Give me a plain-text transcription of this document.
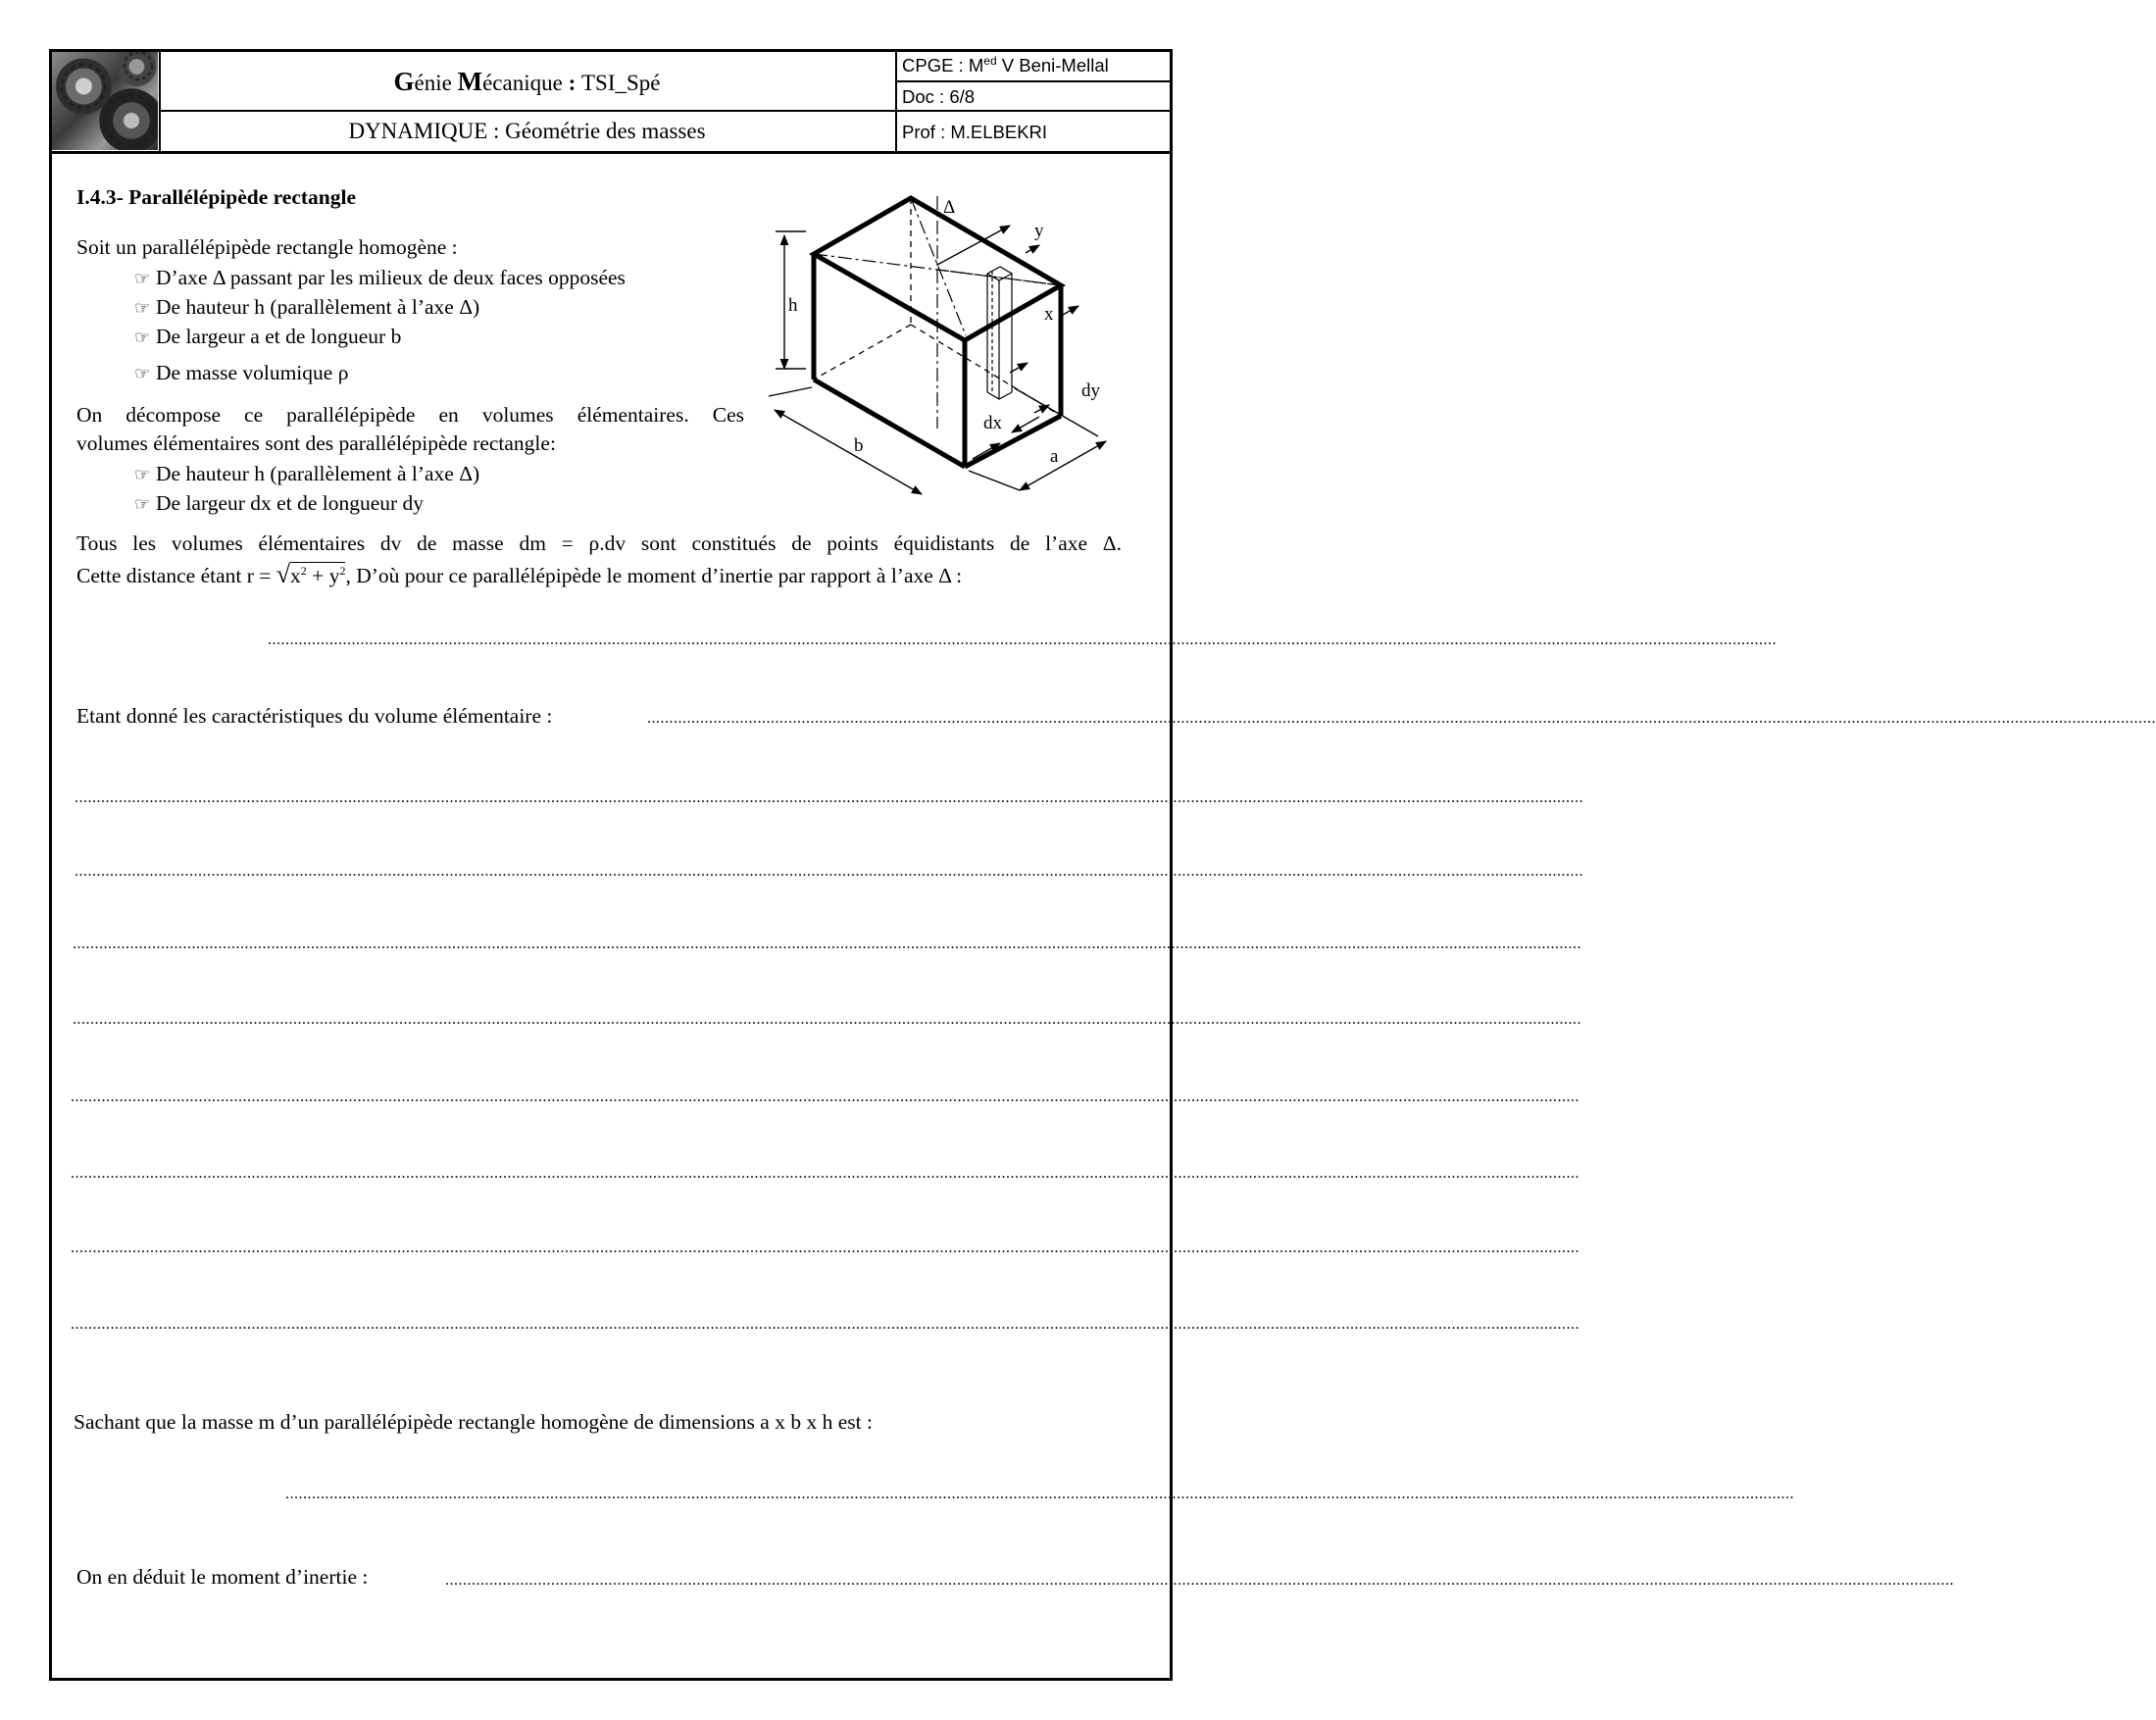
Génie Mécanique : TSI_Spé
DYNAMIQUE : Géométrie des masses
CPGE : $M^{ed}$ V Beni-Mellal
Doc : 6/8
Prof : M.ELBEKRI
I.4.3- Parallélépipède rectangle
Soit un parallélépipède rectangle homogène :
☞ D’axe Δ passant par les milieux de deux faces opposées
☞ De hauteur h (parallèlement à l’axe Δ)
☞ De largeur a et de longueur b
☞ De masse volumique ρ
On décompose ce parallélépipède en volumes élémentaires. Ces
volumes élémentaires sont des parallélépipède rectangle:
☞ De hauteur h (parallèlement à l’axe Δ)
☞ De largeur dx et de longueur dy
Δ
y
x
h
dy
dx
b
a
Tous les volumes élémentaires dv de masse dm = ρ.dv sont constitués de points équidistants de l’axe Δ.
Cette distance étant $r = √x^2 + y^2$, D’où pour ce parallélépipède le moment d’inertie par rapport à l’axe Δ :
......................................................................................................................................................................................................................................................................................................................................................
Etant donné les caractéristiques du volume élémentaire :	......................................................................................................................................................................................................................................................................................................................................................
......................................................................................................................................................................................................................................................................................................................................................
......................................................................................................................................................................................................................................................................................................................................................
......................................................................................................................................................................................................................................................................................................................................................
......................................................................................................................................................................................................................................................................................................................................................
......................................................................................................................................................................................................................................................................................................................................................
......................................................................................................................................................................................................................................................................................................................................................
......................................................................................................................................................................................................................................................................................................................................................
......................................................................................................................................................................................................................................................................................................................................................
Sachant que la masse m d’un parallélépipède rectangle homogène de dimensions a x b x h est :
......................................................................................................................................................................................................................................................................................................................................................
On en déduit le moment d’inertie :	......................................................................................................................................................................................................................................................................................................................................................
